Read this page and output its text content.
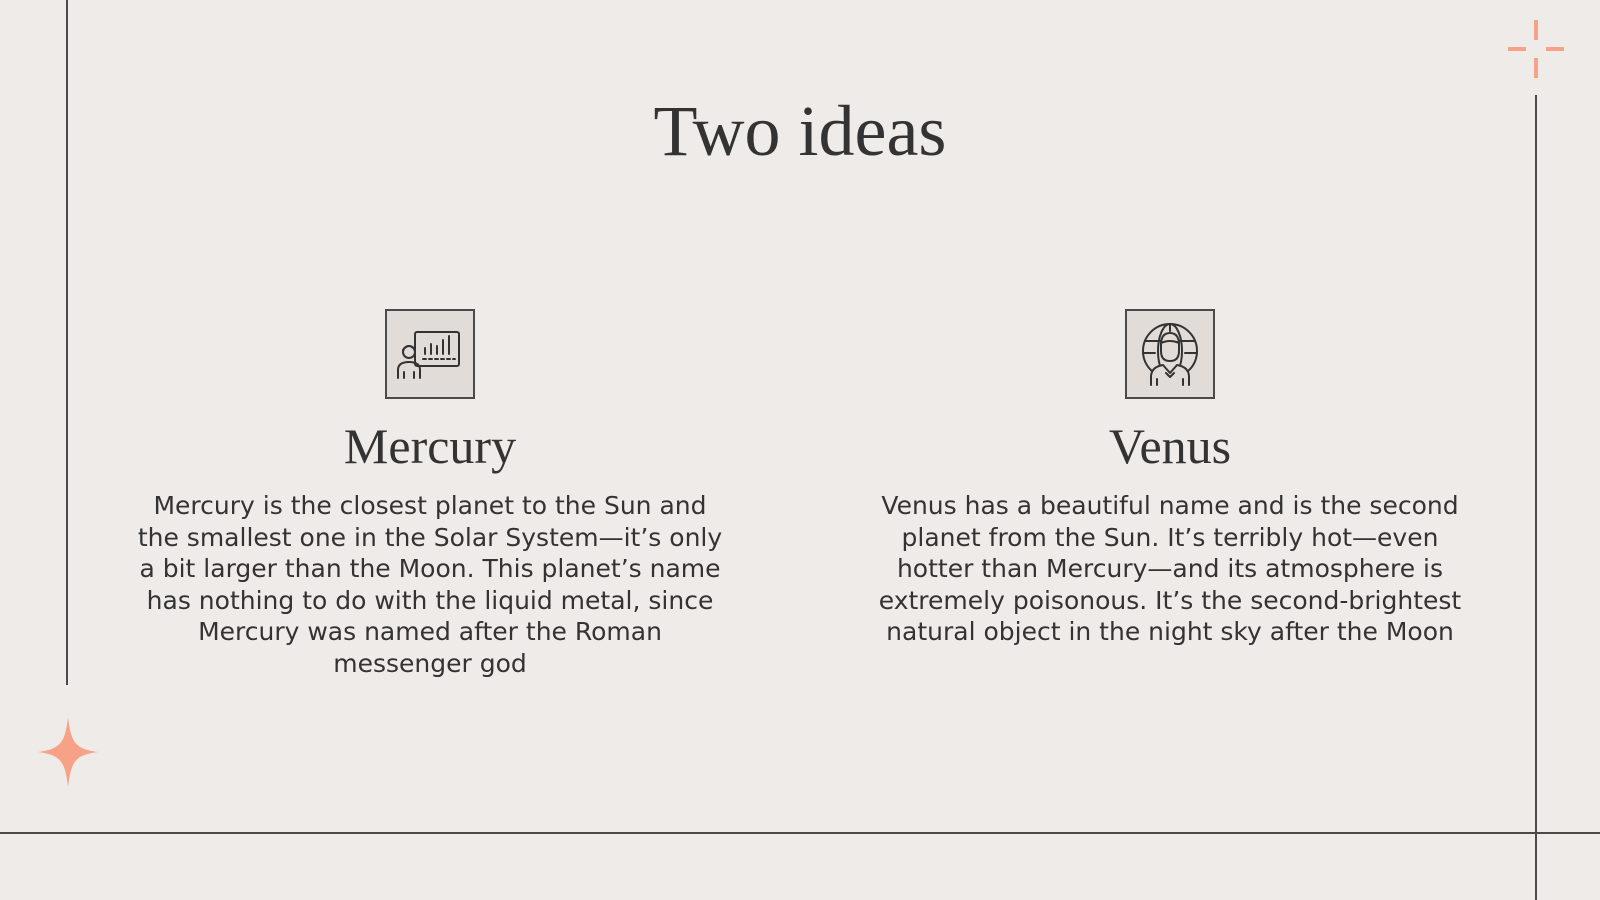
Two ideas
Mercury

Mercury is the closest planet to the Sun and the smallest one in the Solar System—it’s only a bit larger than the Moon. This planet’s name has nothing to do with the liquid metal, since Mercury was named after the Roman messenger god

Venus

Venus has a beautiful name and is the second planet from the Sun. It’s terribly hot—even hotter than Mercury—and its atmosphere is extremely poisonous. It’s the second-brightest natural object in the night sky after the Moon
